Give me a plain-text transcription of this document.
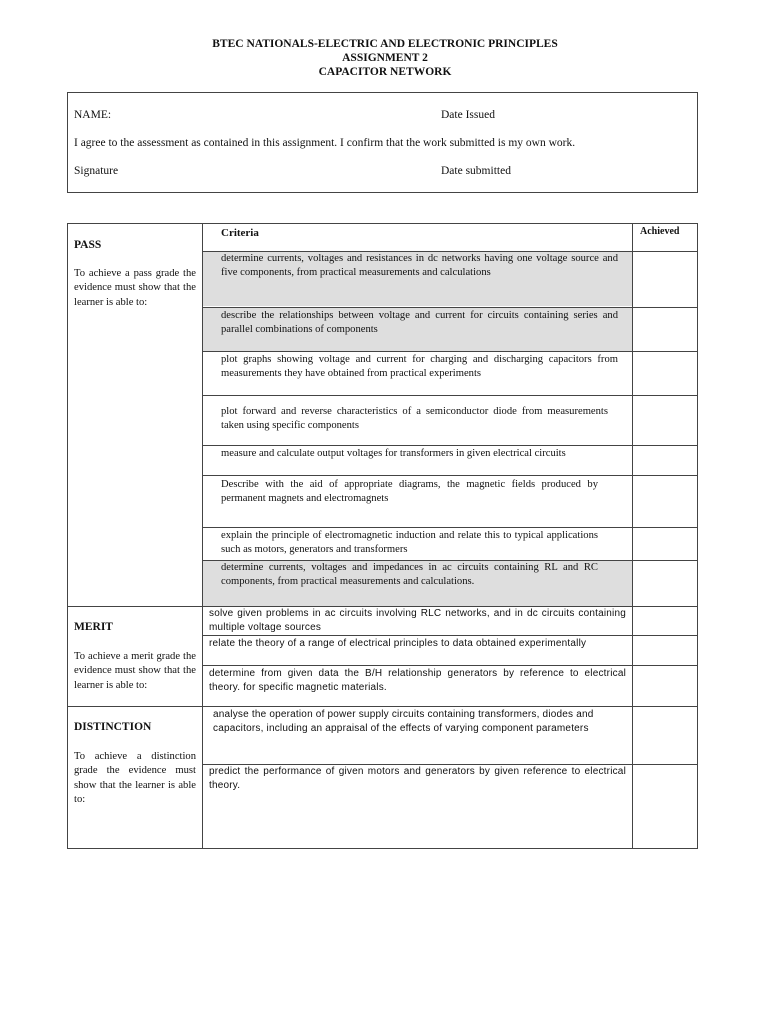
BTEC NATIONALS-ELECTRIC AND ELECTRONIC PRINCIPLES
ASSIGNMENT 2
CAPACITOR NETWORK
NAME:	Date Issued
I agree to the assessment as contained in this assignment. I confirm that the work submitted is my own work.
Signature	Date submitted
Criteria	Achieved
PASS
To achieve a pass grade the evidence must show that the learner is able to:
determine currents, voltages and resistances in dc networks having one voltage source and five components, from practical measurements and calculations
describe the relationships between voltage and current for circuits containing series and parallel combinations of components
plot graphs showing voltage and current for charging and discharging capacitors from measurements they have obtained from practical experiments
plot forward and reverse characteristics of a semiconductor diode from measurements taken using specific components
measure and calculate output voltages for transformers in given electrical circuits
Describe with the aid of appropriate diagrams, the magnetic fields produced by permanent magnets and electromagnets
explain the principle of electromagnetic induction and relate this to typical applications such as motors, generators and transformers
determine currents, voltages and impedances in ac circuits containing RL and RC components, from practical measurements and calculations.
MERIT
To achieve a merit grade the evidence must show that the learner is able to:
solve given problems in ac circuits involving RLC networks, and in dc circuits containing multiple voltage sources
relate the theory of a range of electrical principles to data obtained experimentally
determine from given data the B/H relationship generators by reference to electrical theory. for specific magnetic materials.
DISTINCTION
To achieve a distinction grade the evidence must show that the learner is able to:
analyse the operation of power supply circuits containing transformers, diodes and capacitors, including an appraisal of the effects of varying component parameters
predict the performance of given motors and generators by given reference to electrical theory.
